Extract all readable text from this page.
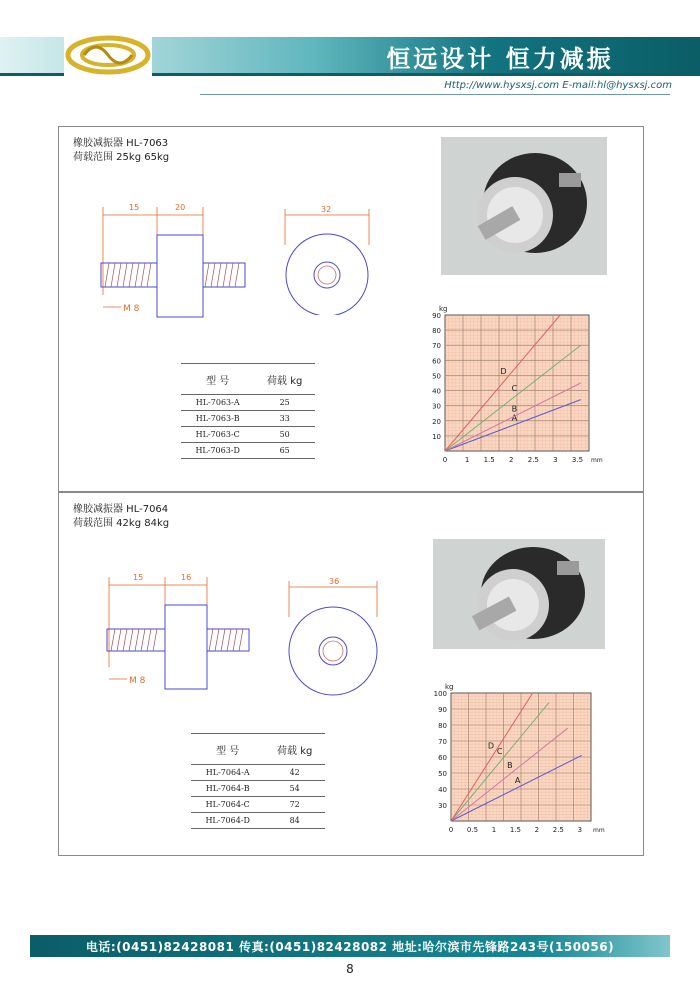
恒远设计 恒力减振
Http://www.hysxsj.com E-mail:hl@hysxsj.com
橡胶减振器 HL-7063
荷载范围 25kg 65kg
15	20
M 8
32
型 号	荷载 kg
HL-7063-A	25
HL-7063-B	33
HL-7063-C	50
HL-7063-D	65
10
20
30
40
50
60
70
80
90
0	1 1.5 2 2.5 3 3.5
kg
mm
A
B
C
D
橡胶减振器 HL-7064
荷载范围 42kg 84kg
15	16
M 8
36
型 号	荷载 kg
HL-7064-A	42
HL-7064-B	54
HL-7064-C	72
HL-7064-D	84
30
40
50
60
70
80
90
100
0 0.5 1 1.5 2 2.5 3
kg
mm
A
B
C
D
电话:(0451)82428081 传真:(0451)82428082 地址:哈尔滨市先锋路243号(150056)
8
